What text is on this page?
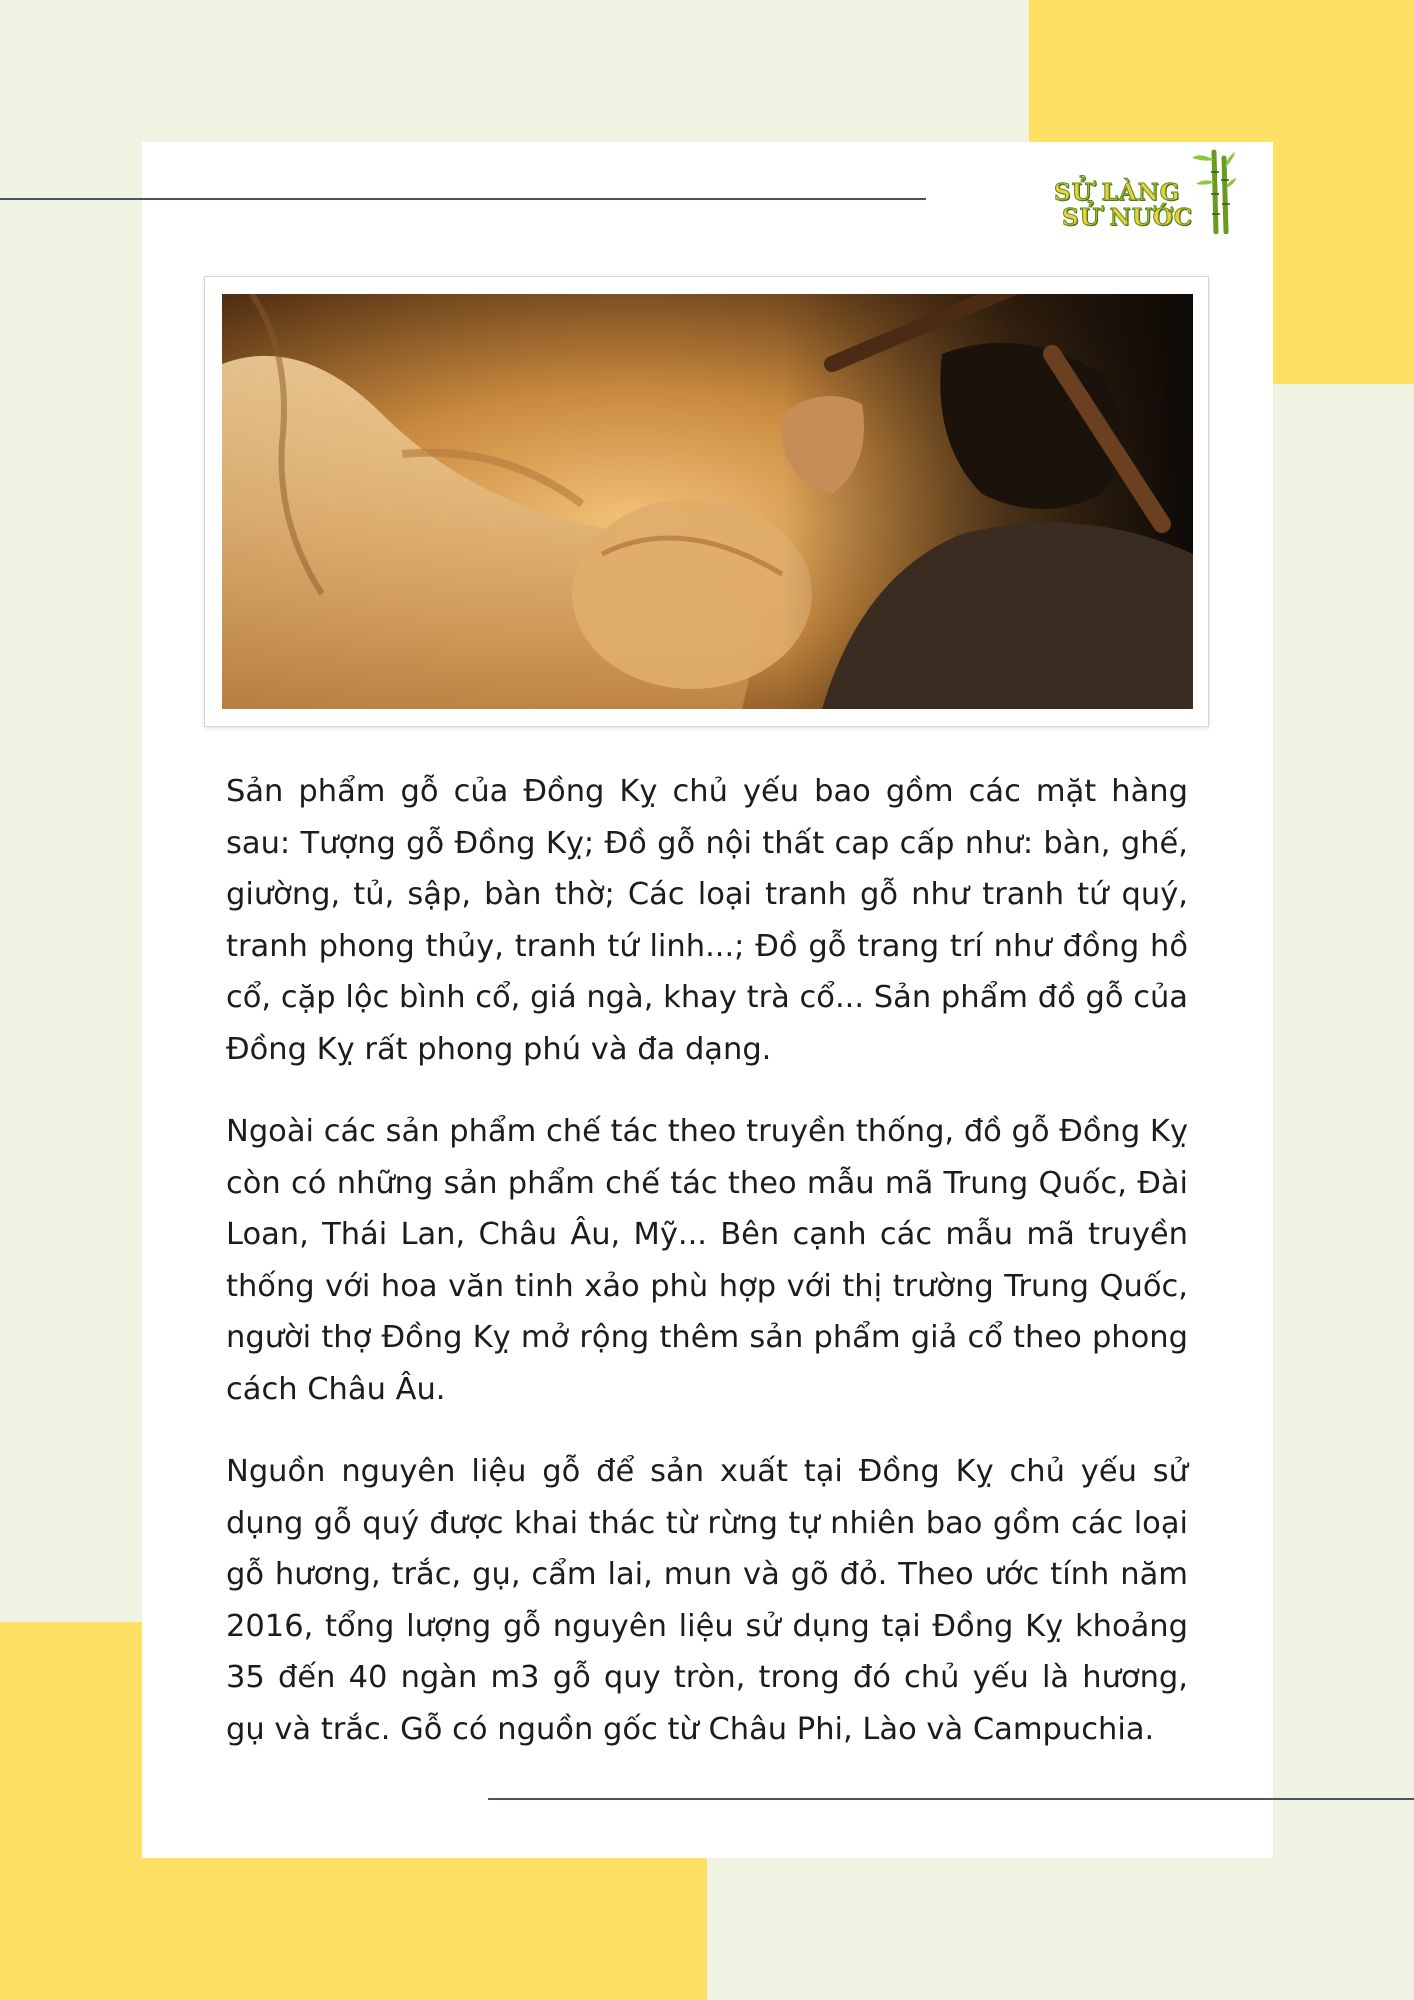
SỬ LÀNG
SỬ NƯỚC

Sản phẩm gỗ của Đồng Kỵ chủ yếu bao gồm các mặt hàng sau: Tượng gỗ Đồng Kỵ; Đồ gỗ nội thất cap cấp như: bàn, ghế, giường, tủ, sập, bàn thờ; Các loại tranh gỗ như tranh tứ quý, tranh phong thủy, tranh tứ linh...; Đồ gỗ trang trí như đồng hồ cổ, cặp lộc bình cổ, giá ngà, khay trà cổ... Sản phẩm đồ gỗ của Đồng Kỵ rất phong phú và đa dạng.

Ngoài các sản phẩm chế tác theo truyền thống, đồ gỗ Đồng Kỵ còn có những sản phẩm chế tác theo mẫu mã Trung Quốc, Đài Loan, Thái Lan, Châu Âu, Mỹ... Bên cạnh các mẫu mã truyền thống với hoa văn tinh xảo phù hợp với thị trường Trung Quốc, người thợ Đồng Kỵ mở rộng thêm sản phẩm giả cổ theo phong cách Châu Âu.

Nguồn nguyên liệu gỗ để sản xuất tại Đồng Kỵ chủ yếu sử dụng gỗ quý được khai thác từ rừng tự nhiên bao gồm các loại gỗ hương, trắc, gụ, cẩm lai, mun và gõ đỏ. Theo ước tính năm 2016, tổng lượng gỗ nguyên liệu sử dụng tại Đồng Kỵ khoảng 35 đến 40 ngàn m3 gỗ quy tròn, trong đó chủ yếu là hương, gụ và trắc. Gỗ có nguồn gốc từ Châu Phi, Lào và Campuchia.
